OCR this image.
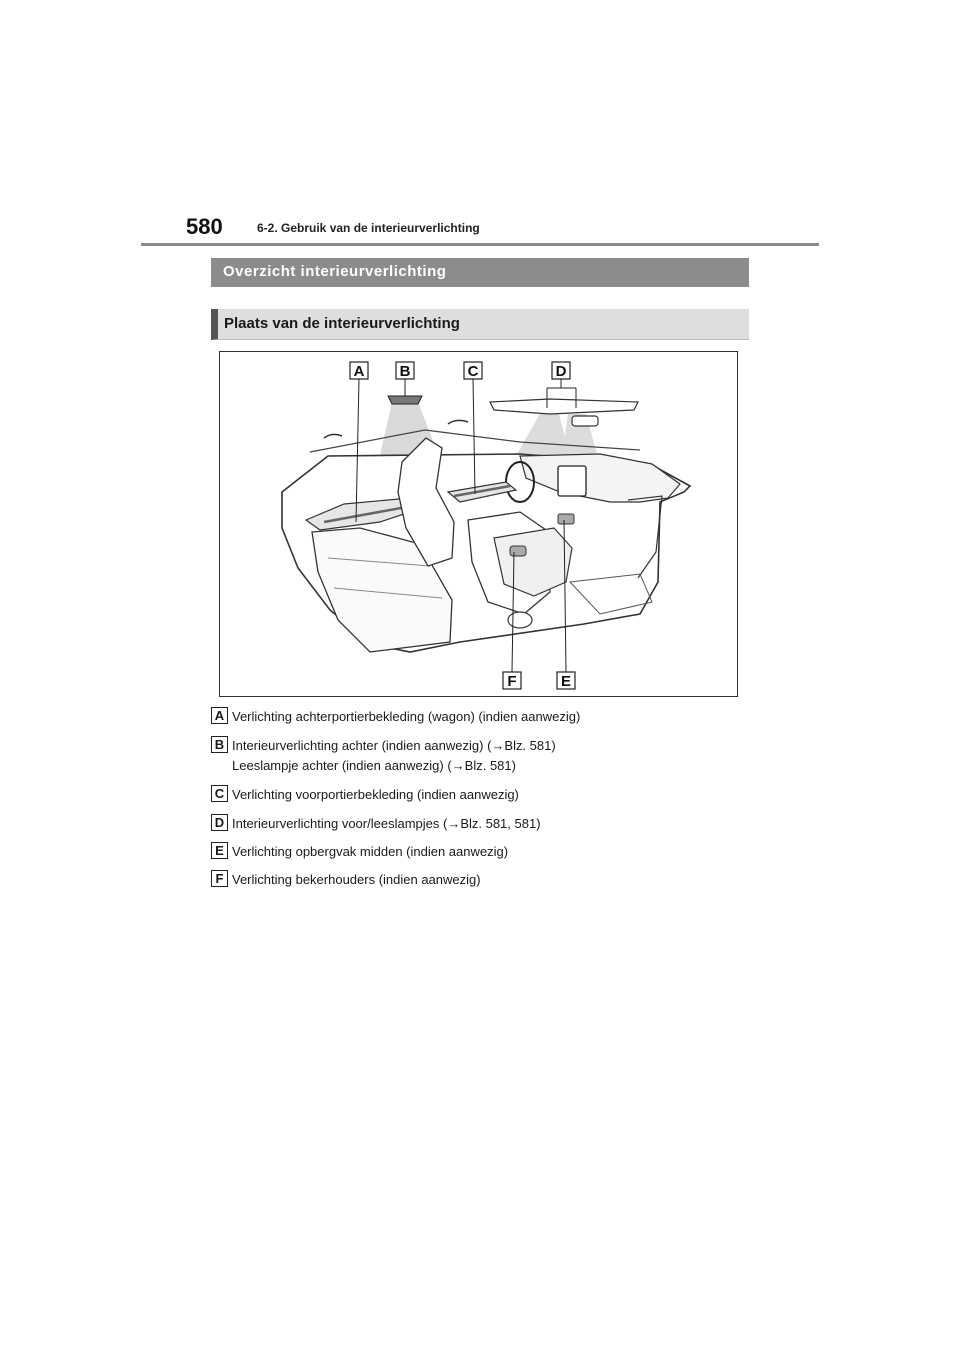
580	6-2. Gebruik van de interieurverlichting
Overzicht interieurverlichting
Plaats van de interieurverlichting
A B	C	D
F	E
A Verlichting achterportierbekleding (wagon) (indien aanwezig)
B Interieurverlichting achter (indien aanwezig) (→Blz. 581)
Leeslampje achter (indien aanwezig) (→Blz. 581)
C Verlichting voorportierbekleding (indien aanwezig)
D Interieurverlichting voor/leeslampjes (→Blz. 581, 581)
E Verlichting opbergvak midden (indien aanwezig)
F Verlichting bekerhouders (indien aanwezig)
